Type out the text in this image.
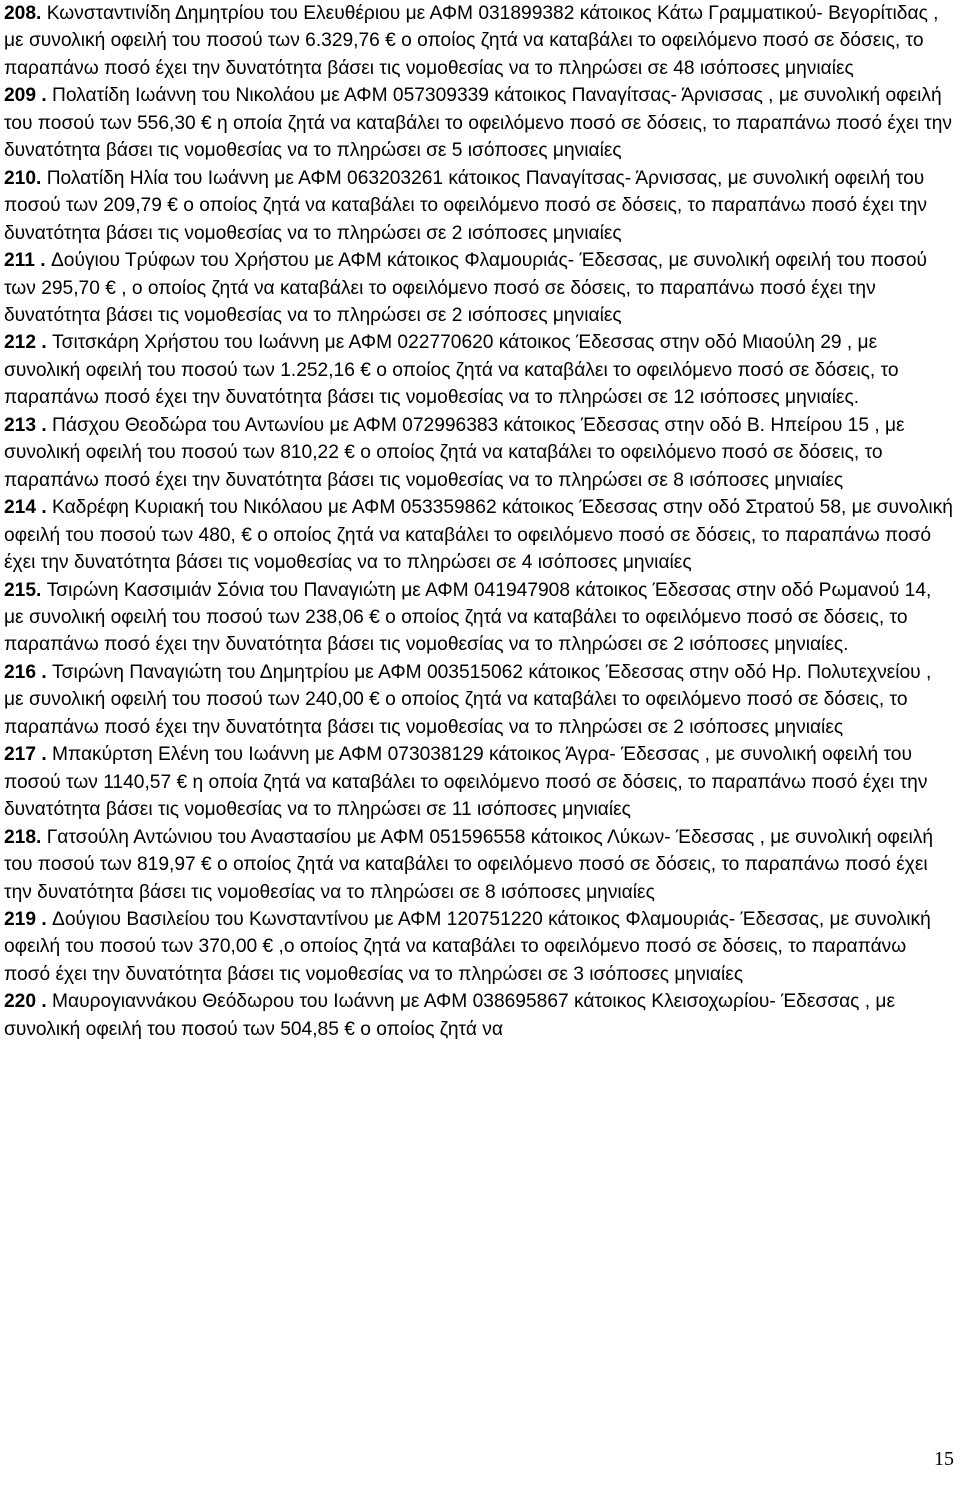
208. Κωνσταντινίδη Δημητρίου του Ελευθέριου με ΑΦΜ 031899382 κάτοικος Κάτω Γραμματικού- Βεγορίτιδας , με συνολική οφειλή του ποσού των 6.329,76 € ο οποίος ζητά να καταβάλει το οφειλόμενο ποσό σε δόσεις, το παραπάνω ποσό έχει την δυνατότητα βάσει τις νομοθεσίας να το πληρώσει σε 48 ισόποσες μηνιαίες

209 . Πολατίδη Ιωάννη του Νικολάου με ΑΦΜ 057309339 κάτοικος Παναγίτσας- Άρνισσας , με συνολική οφειλή του ποσού των 556,30 € η οποία ζητά να καταβάλει το οφειλόμενο ποσό σε δόσεις, το παραπάνω ποσό έχει την δυνατότητα βάσει τις νομοθεσίας να το πληρώσει σε 5 ισόποσες μηνιαίες

210. Πολατίδη Ηλία του Ιωάννη με ΑΦΜ 063203261 κάτοικος Παναγίτσας- Άρνισσας, με συνολική οφειλή του ποσού των 209,79 € ο οποίος ζητά να καταβάλει το οφειλόμενο ποσό σε δόσεις, το παραπάνω ποσό έχει την δυνατότητα βάσει τις νομοθεσίας να το πληρώσει σε 2 ισόποσες μηνιαίες

211 . Δούγιου Τρύφων του Χρήστου με ΑΦΜ κάτοικος Φλαμουριάς- Έδεσσας, με συνολική οφειλή του ποσού των 295,70 € , ο οποίος ζητά να καταβάλει το οφειλόμενο ποσό σε δόσεις, το παραπάνω ποσό έχει την δυνατότητα βάσει τις νομοθεσίας να το πληρώσει σε 2 ισόποσες μηνιαίες

212 . Τσιτσκάρη Χρήστου του Ιωάννη με ΑΦΜ 022770620 κάτοικος Έδεσσας στην οδό Μιαούλη 29 , με συνολική οφειλή του ποσού των 1.252,16 € ο οποίος ζητά να καταβάλει το οφειλόμενο ποσό σε δόσεις, το παραπάνω ποσό έχει την δυνατότητα βάσει τις νομοθεσίας να το πληρώσει σε 12 ισόποσες μηνιαίες.

213 . Πάσχου Θεοδώρα του Αντωνίου με ΑΦΜ 072996383 κάτοικος Έδεσσας στην οδό Β. Ηπείρου 15 , με συνολική οφειλή του ποσού των 810,22 € ο οποίος ζητά να καταβάλει το οφειλόμενο ποσό σε δόσεις, το παραπάνω ποσό έχει την δυνατότητα βάσει τις νομοθεσίας να το πληρώσει σε 8 ισόποσες μηνιαίες

214 . Καδρέφη Κυριακή του Νικόλαου με ΑΦΜ 053359862 κάτοικος Έδεσσας στην οδό Στρατού 58, με συνολική οφειλή του ποσού των 480, € ο οποίος ζητά να καταβάλει το οφειλόμενο ποσό σε δόσεις, το παραπάνω ποσό έχει την δυνατότητα βάσει τις νομοθεσίας να το πληρώσει σε 4 ισόποσες μηνιαίες

215. Τσιρώνη Κασσιμιάν Σόνια του Παναγιώτη με ΑΦΜ 041947908 κάτοικος Έδεσσας στην οδό Ρωμανού 14, με συνολική οφειλή του ποσού των 238,06 € ο οποίος ζητά να καταβάλει το οφειλόμενο ποσό σε δόσεις, το παραπάνω ποσό έχει την δυνατότητα βάσει τις νομοθεσίας να το πληρώσει σε 2 ισόποσες μηνιαίες.

216 . Τσιρώνη Παναγιώτη του Δημητρίου με ΑΦΜ 003515062 κάτοικος Έδεσσας στην οδό Ηρ. Πολυτεχνείου , με συνολική οφειλή του ποσού των 240,00 € ο οποίος ζητά να καταβάλει το οφειλόμενο ποσό σε δόσεις, το παραπάνω ποσό έχει την δυνατότητα βάσει τις νομοθεσίας να το πληρώσει σε 2 ισόποσες μηνιαίες

217 . Μπακύρτση Ελένη του Ιωάννη με ΑΦΜ 073038129 κάτοικος Άγρα- Έδεσσας , με συνολική οφειλή του ποσού των 1140,57 € η οποία ζητά να καταβάλει το οφειλόμενο ποσό σε δόσεις, το παραπάνω ποσό έχει την δυνατότητα βάσει τις νομοθεσίας να το πληρώσει σε 11 ισόποσες μηνιαίες

218. Γατσούλη Αντώνιου του Αναστασίου με ΑΦΜ 051596558 κάτοικος Λύκων- Έδεσσας , με συνολική οφειλή του ποσού των 819,97 € ο οποίος ζητά να καταβάλει το οφειλόμενο ποσό σε δόσεις, το παραπάνω ποσό έχει την δυνατότητα βάσει τις νομοθεσίας να το πληρώσει σε 8 ισόποσες μηνιαίες

219 . Δούγιου Βασιλείου του Κωνσταντίνου με ΑΦΜ 120751220 κάτοικος Φλαμουριάς- Έδεσσας, με συνολική οφειλή του ποσού των 370,00 € ,ο οποίος ζητά να καταβάλει το οφειλόμενο ποσό σε δόσεις, το παραπάνω ποσό έχει την δυνατότητα βάσει τις νομοθεσίας να το πληρώσει σε 3 ισόποσες μηνιαίες

220 . Μαυρογιαννάκου Θεόδωρου του Ιωάννη με ΑΦΜ 038695867 κάτοικος Κλεισοχωρίου- Έδεσσας , με συνολική οφειλή του ποσού των 504,85 € ο οποίος ζητά να

15
